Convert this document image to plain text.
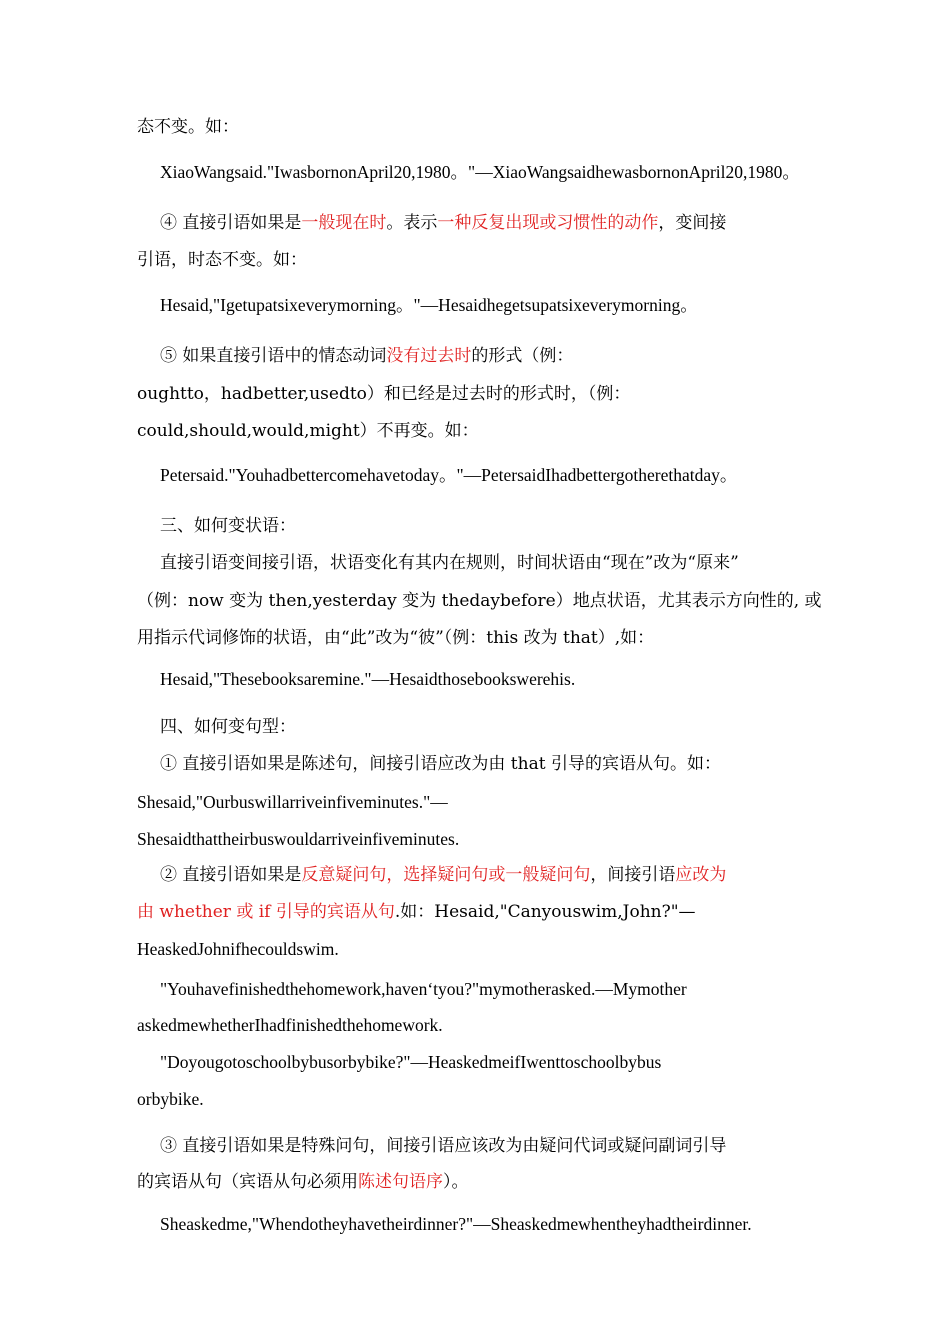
态不变。如：
XiaoWangsaid."IwasbornonApril20,1980。"—XiaoWangsaidhewasbornonApril20,1980。
④ 直接引语如果是一般现在时。表示一种反复出现或习惯性的动作，变间接
引语，时态不变。如：
Hesaid,"Igetupatsixeverymorning。"—Hesaidhegetsupatsixeverymorning。
⑤ 如果直接引语中的情态动词没有过去时的形式（例：
oughtto，hadbetter,usedto）和已经是过去时的形式时，（例：
could,should,would,might）不再变。如：
Petersaid."Youhadbettercomehavetoday。"—PetersaidIhadbettergotherethatday。
三、如何变状语：
直接引语变间接引语，状语变化有其内在规则，时间状语由“现在”改为“原来”
（例：now 变为 then,yesterday 变为 thedaybefore）地点状语，尤其表示方向性的, 或
用指示代词修饰的状语，由“此”改为“彼”（例：this 改为 that）,如：
Hesaid,"Thesebooksaremine."—Hesaidthosebookswerehis.
四、如何变句型：
① 直接引语如果是陈述句，间接引语应改为由 that 引导的宾语从句。如：
Shesaid,"Ourbuswillarriveinfiveminutes."—
Shesaidthattheirbuswouldarriveinfiveminutes.
② 直接引语如果是反意疑问句，选择疑问句或一般疑问句，间接引语应改为
由 whether 或 if 引导的宾语从句.如：Hesaid,"Canyouswim,John?"—
HeaskedJohnifhecouldswim.
"Youhavefinishedthehomework,haven‘tyou?"mymotherasked.—Mymother
askedmewhetherIhadfinishedthehomework.
"Doyougotoschoolbybusorbybike?"—HeaskedmeifIwenttoschoolbybus
orbybike.
③ 直接引语如果是特殊问句，间接引语应该改为由疑问代词或疑问副词引导
的宾语从句（宾语从句必须用陈述句语序）。
Sheaskedme,"Whendotheyhavetheirdinner?"—Sheaskedmewhentheyhadtheirdinner.
